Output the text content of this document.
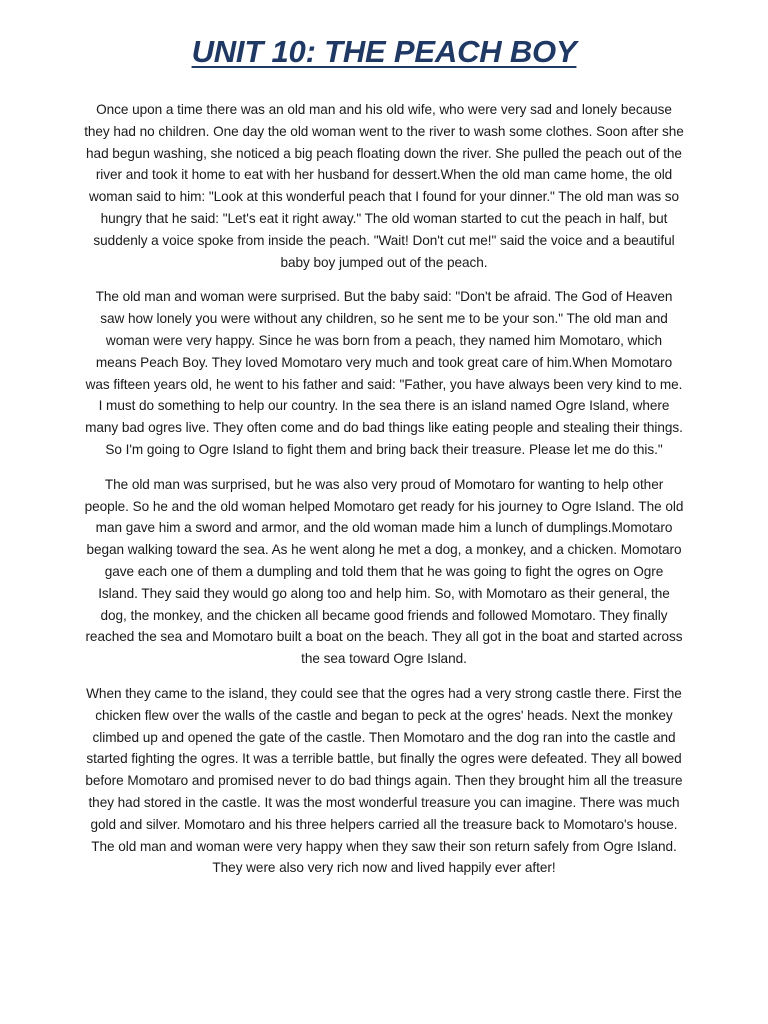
UNIT 10: THE PEACH BOY

Once upon a time there was an old man and his old wife, who were very sad and lonely because they had no children. One day the old woman went to the river to wash some clothes. Soon after she had begun washing, she noticed a big peach floating down the river. She pulled the peach out of the river and took it home to eat with her husband for dessert.When the old man came home, the old woman said to him: "Look at this wonderful peach that I found for your dinner." The old man was so hungry that he said: "Let's eat it right away." The old woman started to cut the peach in half, but suddenly a voice spoke from inside the peach. "Wait! Don't cut me!" said the voice and a beautiful baby boy jumped out of the peach.

The old man and woman were surprised. But the baby said: "Don't be afraid. The God of Heaven saw how lonely you were without any children, so he sent me to be your son." The old man and woman were very happy. Since he was born from a peach, they named him Momotaro, which means Peach Boy. They loved Momotaro very much and took great care of him.When Momotaro was fifteen years old, he went to his father and said: "Father, you have always been very kind to me. I must do something to help our country. In the sea there is an island named Ogre Island, where many bad ogres live. They often come and do bad things like eating people and stealing their things. So I'm going to Ogre Island to fight them and bring back their treasure. Please let me do this."

The old man was surprised, but he was also very proud of Momotaro for wanting to help other people. So he and the old woman helped Momotaro get ready for his journey to Ogre Island. The old man gave him a sword and armor, and the old woman made him a lunch of dumplings.Momotaro began walking toward the sea. As he went along he met a dog, a monkey, and a chicken. Momotaro gave each one of them a dumpling and told them that he was going to fight the ogres on Ogre Island. They said they would go along too and help him. So, with Momotaro as their general, the dog, the monkey, and the chicken all became good friends and followed Momotaro. They finally reached the sea and Momotaro built a boat on the beach. They all got in the boat and started across the sea toward Ogre Island.

When they came to the island, they could see that the ogres had a very strong castle there. First the chicken flew over the walls of the castle and began to peck at the ogres' heads. Next the monkey climbed up and opened the gate of the castle. Then Momotaro and the dog ran into the castle and started fighting the ogres. It was a terrible battle, but finally the ogres were defeated. They all bowed before Momotaro and promised never to do bad things again. Then they brought him all the treasure they had stored in the castle. It was the most wonderful treasure you can imagine. There was much gold and silver. Momotaro and his three helpers carried all the treasure back to Momotaro's house. The old man and woman were very happy when they saw their son return safely from Ogre Island. They were also very rich now and lived happily ever after!
